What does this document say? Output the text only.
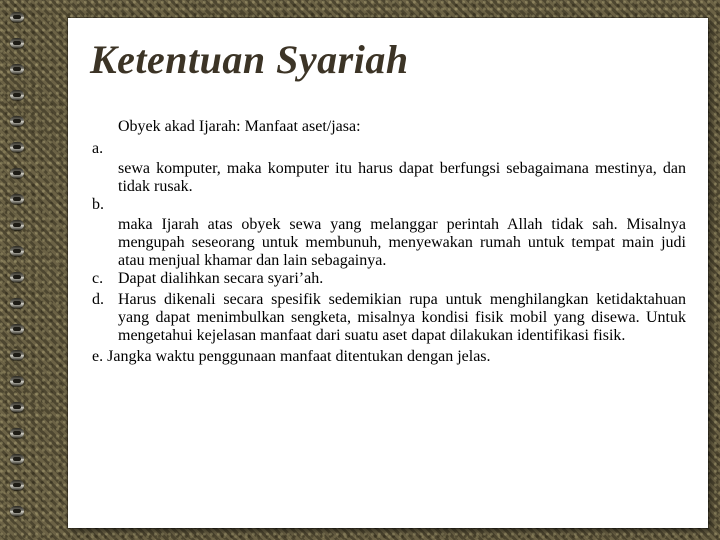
Ketentuan Syariah

Obyek akad Ijarah: Manfaat aset/jasa:

a.
sewa komputer, maka komputer itu harus dapat berfungsi sebagaimana mestinya, dan tidak rusak.
b.
maka Ijarah atas obyek sewa yang melanggar perintah Allah tidak sah. Misalnya mengupah seseorang untuk membunuh, menyewakan rumah untuk tempat main judi atau menjual khamar dan lain sebagainya.
c. Dapat dialihkan secara syari’ah.
d. Harus dikenali secara spesifik sedemikian rupa untuk menghilangkan ketidaktahuan yang dapat menimbulkan sengketa, misalnya kondisi fisik mobil yang disewa. Untuk mengetahui kejelasan manfaat dari suatu aset dapat dilakukan identifikasi fisik.
e. Jangka waktu penggunaan manfaat ditentukan dengan jelas.
